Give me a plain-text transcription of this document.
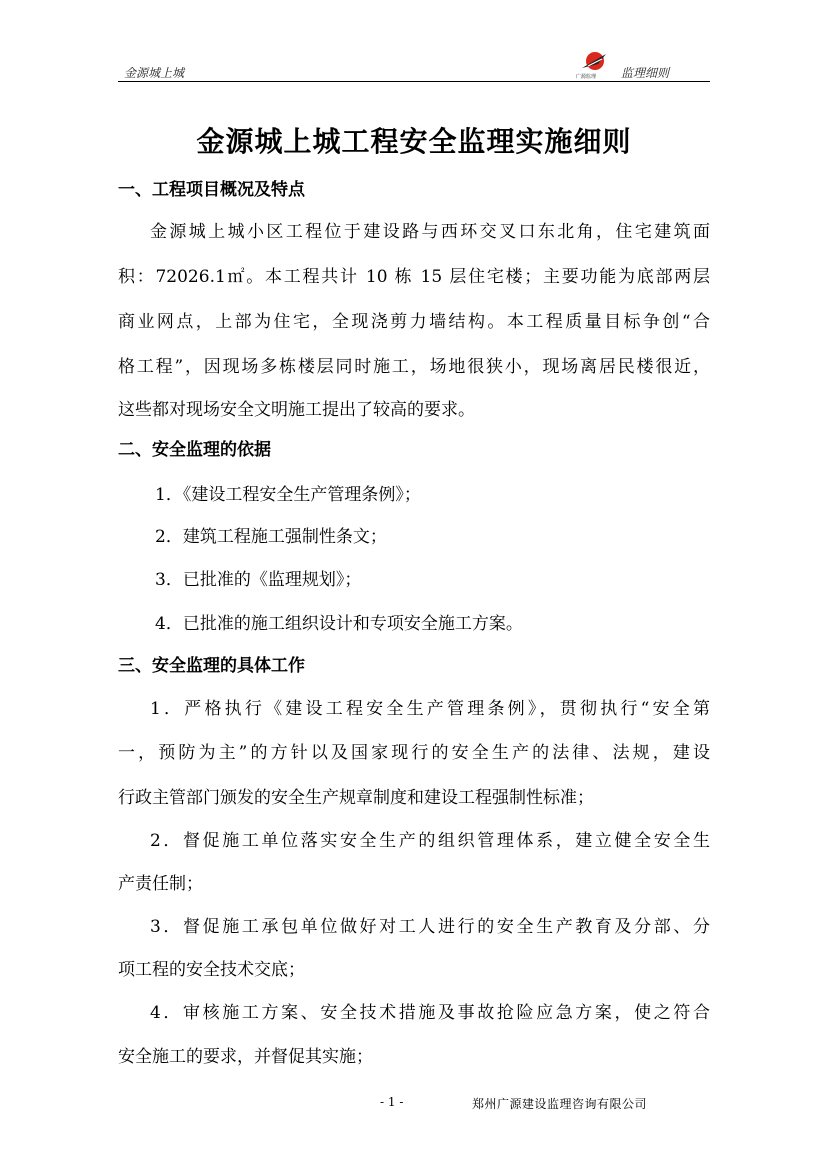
金源城上城	广源监理 监理细则
金源城上城工程安全监理实施细则
一、工程项目概况及特点
金源城上城小区工程位于建设路与西环交叉口东北角，住宅建筑面
积：72026.1㎡。本工程共计 10 栋 15 层住宅楼；主要功能为底部两层
商业网点，上部为住宅，全现浇剪力墙结构。本工程质量目标争创“合
格工程”，因现场多栋楼层同时施工，场地很狭小，现场离居民楼很近，
这些都对现场安全文明施工提出了较高的要求。
二、安全监理的依据
1．《建设工程安全生产管理条例》；
2．建筑工程施工强制性条文；
3．已批准的《监理规划》；
4．已批准的施工组织设计和专项安全施工方案。
三、安全监理的具体工作
1．严格执行《建设工程安全生产管理条例》，贯彻执行“安全第
一，预防为主”的方针以及国家现行的安全生产的法律、法规，建设
行政主管部门颁发的安全生产规章制度和建设工程强制性标准；
2．督促施工单位落实安全生产的组织管理体系，建立健全安全生
产责任制；
3．督促施工承包单位做好对工人进行的安全生产教育及分部、分
项工程的安全技术交底；
4．审核施工方案、安全技术措施及事故抢险应急方案，使之符合
安全施工的要求，并督促其实施；
- 1 -	郑州广源建设监理咨询有限公司
